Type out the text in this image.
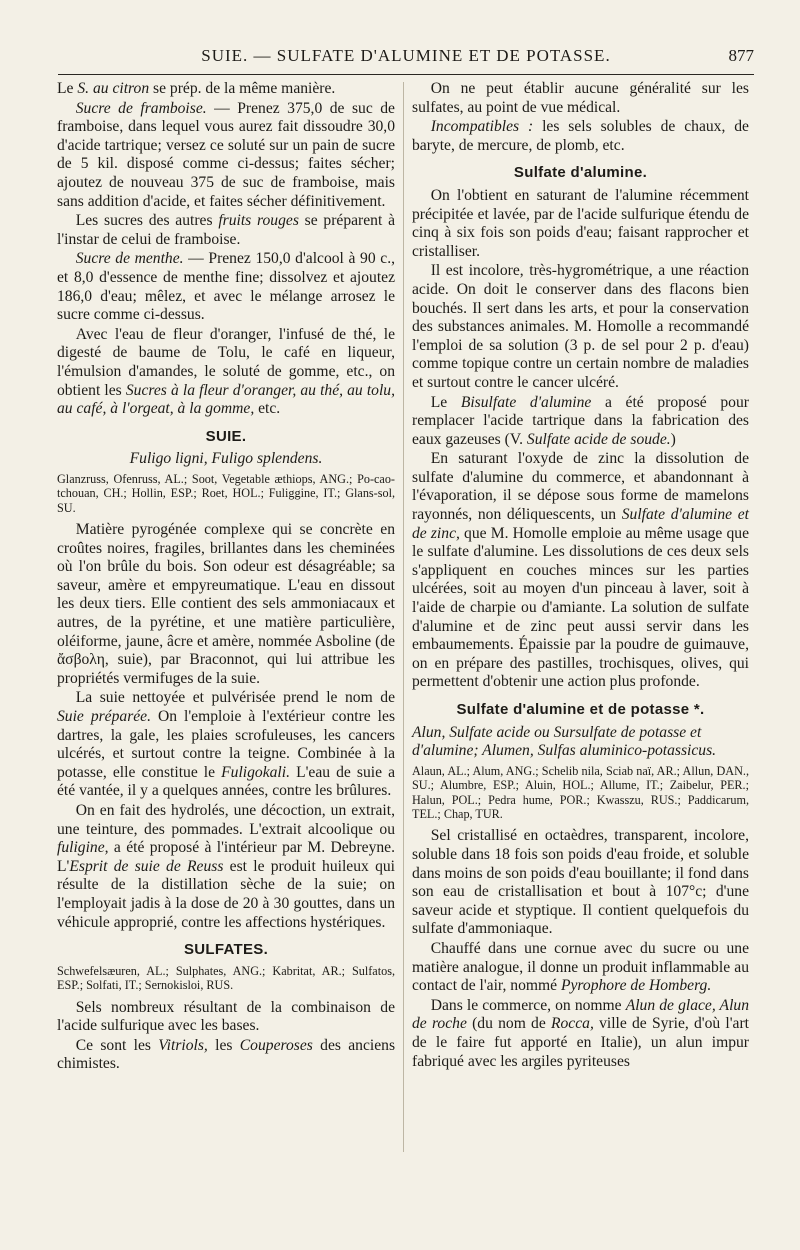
SUIE. — SULFATE D'ALUMINE ET DE POTASSE.	877

Le S. au citron se prép. de la même manière.

Sucre de framboise. — Prenez 375,0 de suc de framboise, dans lequel vous aurez fait dissoudre 30,0 d'acide tartrique; versez ce soluté sur un pain de sucre de 5 kil. disposé comme ci-dessus; faites sécher; ajoutez de nouveau 375 de suc de framboise, mais sans addition d'acide, et faites sécher définitivement.

Les sucres des autres fruits rouges se préparent à l'instar de celui de framboise.

Sucre de menthe. — Prenez 150,0 d'alcool à 90 c., et 8,0 d'essence de menthe fine; dissolvez et ajoutez 186,0 d'eau; mêlez, et avec le mélange arrosez le sucre comme ci-dessus.

Avec l'eau de fleur d'oranger, l'infusé de thé, le digesté de baume de Tolu, le café en liqueur, l'émulsion d'amandes, le soluté de gomme, etc., on obtient les Sucres à la fleur d'oranger, au thé, au tolu, au café, à l'orgeat, à la gomme, etc.

SUIE.

Fuligo ligni, Fuligo splendens.

Glanzruss, Ofenruss, AL.; Soot, Vegetable æthiops, ANG.; Po-cao-tchouan, CH.; Hollin, ESP.; Roet, HOL.; Fuliggine, IT.; Glans-sol, SU.

Matière pyrogénée complexe qui se concrète en croûtes noires, fragiles, brillantes dans les cheminées où l'on brûle du bois. Son odeur est désagréable; sa saveur, amère et empyreumatique. L'eau en dissout les deux tiers. Elle contient des sels ammoniacaux et autres, de la pyrétine, et une matière particulière, oléiforme, jaune, âcre et amère, nommée Asboline (de ἄσβολη, suie), par Braconnot, qui lui attribue les propriétés vermifuges de la suie.

La suie nettoyée et pulvérisée prend le nom de Suie préparée. On l'emploie à l'extérieur contre les dartres, la gale, les plaies scrofuleuses, les cancers ulcérés, et surtout contre la teigne. Combinée à la potasse, elle constitue le Fuligokali. L'eau de suie a été vantée, il y a quelques années, contre les brûlures.

On en fait des hydrolés, une décoction, un extrait, une teinture, des pommades. L'extrait alcoolique ou fuligine, a été proposé à l'intérieur par M. Debreyne. L'Esprit de suie de Reuss est le produit huileux qui résulte de la distillation sèche de la suie; on l'employait jadis à la dose de 20 à 30 gouttes, dans un véhicule approprié, contre les affections hystériques.

SULFATES.

Schwefelsæuren, AL.; Sulphates, ANG.; Kabritat, AR.; Sulfatos, ESP.; Solfati, IT.; Sernokisloi, RUS.

Sels nombreux résultant de la combinaison de l'acide sulfurique avec les bases.

Ce sont les Vitriols, les Couperoses des anciens chimistes.

On ne peut établir aucune généralité sur les sulfates, au point de vue médical.

Incompatibles : les sels solubles de chaux, de baryte, de mercure, de plomb, etc.

Sulfate d'alumine.

On l'obtient en saturant de l'alumine récemment précipitée et lavée, par de l'acide sulfurique étendu de cinq à six fois son poids d'eau; faisant rapprocher et cristalliser.

Il est incolore, très-hygrométrique, a une réaction acide. On doit le conserver dans des flacons bien bouchés. Il sert dans les arts, et pour la conservation des substances animales. M. Homolle a recommandé l'emploi de sa solution (3 p. de sel pour 2 p. d'eau) comme topique contre un certain nombre de maladies et surtout contre le cancer ulcéré.

Le Bisulfate d'alumine a été proposé pour remplacer l'acide tartrique dans la fabrication des eaux gazeuses (V. Sulfate acide de soude.)

En saturant l'oxyde de zinc la dissolution de sulfate d'alumine du commerce, et abandonnant à l'évaporation, il se dépose sous forme de mamelons rayonnés, non déliquescents, un Sulfate d'alumine et de zinc, que M. Homolle emploie au même usage que le sulfate d'alumine. Les dissolutions de ces deux sels s'appliquent en couches minces sur les parties ulcérées, soit au moyen d'un pinceau à laver, soit à l'aide de charpie ou d'amiante. La solution de sulfate d'alumine et de zinc peut aussi servir dans les embaumements. Épaissie par la poudre de guimauve, on en prépare des pastilles, trochisques, olives, qui permettent d'obtenir une action plus profonde.

Sulfate d'alumine et de potasse *.

Alun, Sulfate acide ou Sursulfate de potasse et d'alumine; Alumen, Sulfas aluminico-potassicus.

Alaun, AL.; Alum, ANG.; Schelib nila, Sciab naï, AR.; Allun, DAN., SU.; Alumbre, ESP.; Aluin, HOL.; Allume, IT.; Zaibelur, PER.; Halun, POL.; Pedra hume, POR.; Kwasszu, RUS.; Paddicarum, TEL.; Chap, TUR.

Sel cristallisé en octaèdres, transparent, incolore, soluble dans 18 fois son poids d'eau froide, et soluble dans moins de son poids d'eau bouillante; il fond dans son eau de cristallisation et bout à 107°c; d'une saveur acide et styptique. Il contient quelquefois du sulfate d'ammoniaque.

Chauffé dans une cornue avec du sucre ou une matière analogue, il donne un produit inflammable au contact de l'air, nommé Pyrophore de Homberg.

Dans le commerce, on nomme Alun de glace, Alun de roche (du nom de Rocca, ville de Syrie, d'où l'art de le faire fut apporté en Italie), un alun impur fabriqué avec les argiles pyriteuses
